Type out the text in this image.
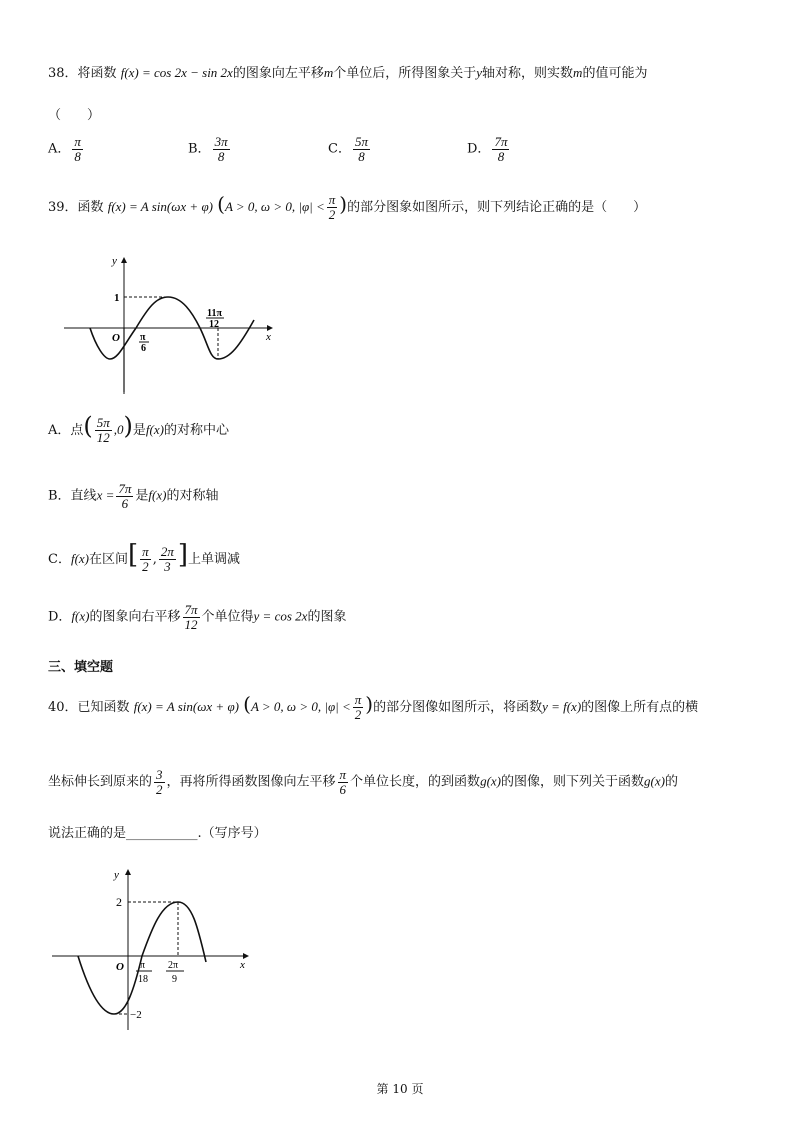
38．将函数 f(x) = cos 2x − sin 2x的图象向左平移m个单位后，所得图象关于y轴对称，则实数m的值可能为
（　　）
A． $\frac{\pi}{8}$	B． $\frac{3\pi}{8}$	C． $\frac{5\pi}{8}$	D． $\frac{7\pi}{8}$
39．函数 f(x) = A sin(ωx + φ) (A > 0, ω > 0, $|\varphi| < \frac{\pi}{2}$ )的部分图象如图所示，则下列结论正确的是（　　）
y
x
O
1
π
6
11π
12
A．点( $\frac{5\pi}{12} ,0$)是f(x)的对称中心
B．直线$x = \frac{7\pi}{6}$ 是f(x)的对称轴
C．f(x)在区间[ $\frac{\pi}{2}$ , $\frac{2\pi}{3}$ ]上单调减
D．f(x)的图象向右平移 $\frac{7\pi}{12}$ 个单位得y = cos 2x的图象
三、填空题
40．已知函数 f(x) = A sin(ωx + φ) (A > 0, ω > 0, $|\varphi| < \frac{\pi}{2}$ )的部分图像如图所示，将函数y = f(x)的图像上所有点的横
坐标伸长到原来的 $\frac{3}{2}$ ，再将所得函数图像向左平移 $\frac{\pi}{6}$ 个单位长度，的到函数g(x)的图像，则下列关于函数g(x)的
说法正确的是___________.（写序号）
y
x
O
2
−2
π
18
2π
9
第 10 页
